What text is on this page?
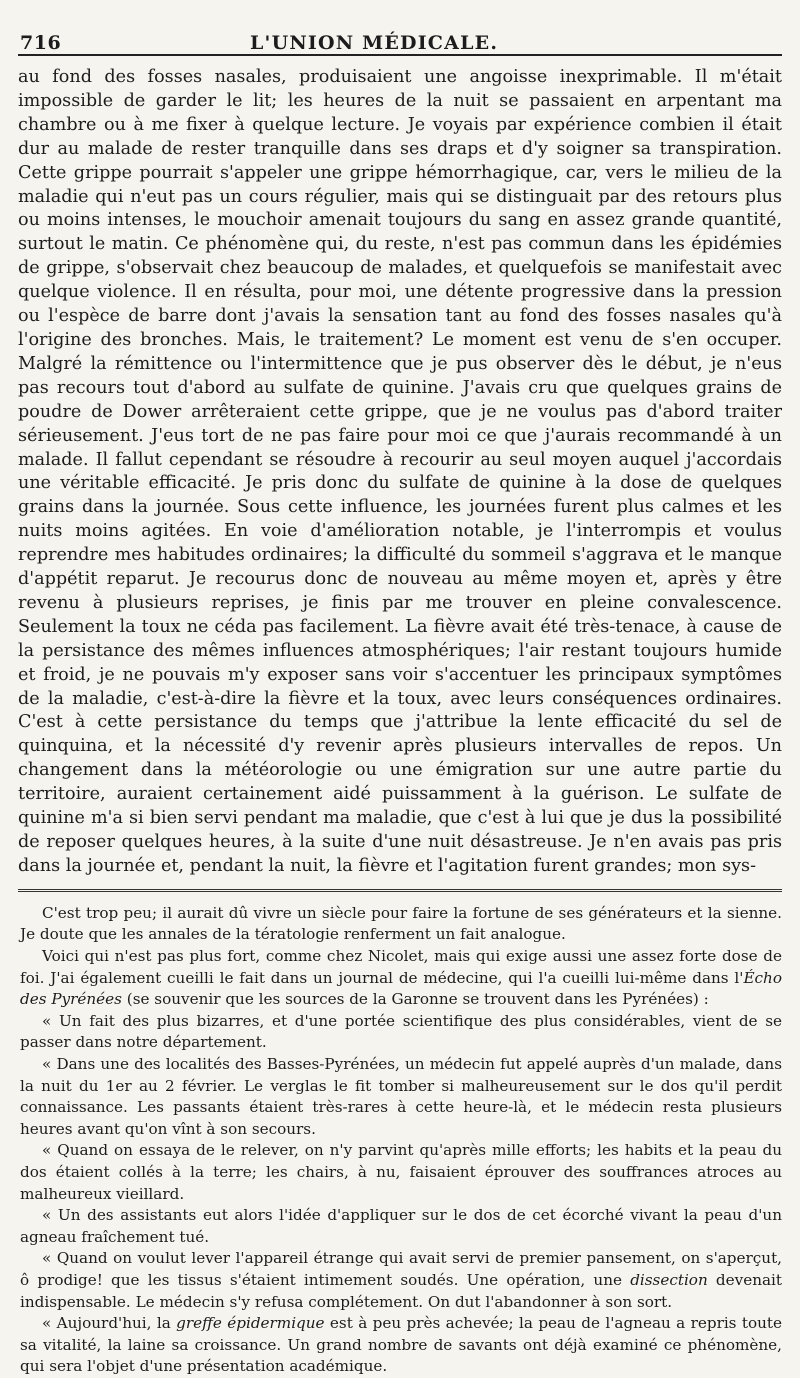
716	L'UNION MÉDICALE.

au fond des fosses nasales, produisaient une angoisse inexprimable. Il m'était impossible de garder le lit; les heures de la nuit se passaient en arpentant ma chambre ou à me fixer à quelque lecture. Je voyais par expérience combien il était dur au malade de rester tranquille dans ses draps et d'y soigner sa transpiration. Cette grippe pourrait s'appeler une grippe hémorrhagique, car, vers le milieu de la maladie qui n'eut pas un cours régulier, mais qui se distinguait par des retours plus ou moins intenses, le mouchoir amenait toujours du sang en assez grande quantité, surtout le matin. Ce phénomène qui, du reste, n'est pas commun dans les épidémies de grippe, s'observait chez beaucoup de malades, et quelquefois se manifestait avec quelque violence. Il en résulta, pour moi, une détente progressive dans la pression ou l'espèce de barre dont j'avais la sensation tant au fond des fosses nasales qu'à l'origine des bronches. Mais, le traitement? Le moment est venu de s'en occuper. Malgré la rémittence ou l'intermittence que je pus observer dès le début, je n'eus pas recours tout d'abord au sulfate de quinine. J'avais cru que quelques grains de poudre de Dower arrêteraient cette grippe, que je ne voulus pas d'abord traiter sérieusement. J'eus tort de ne pas faire pour moi ce que j'aurais recommandé à un malade. Il fallut cependant se résoudre à recourir au seul moyen auquel j'accordais une véritable efficacité. Je pris donc du sulfate de quinine à la dose de quelques grains dans la journée. Sous cette influence, les journées furent plus calmes et les nuits moins agitées. En voie d'amélioration notable, je l'interrompis et voulus reprendre mes habitudes ordinaires; la difficulté du sommeil s'aggrava et le manque d'appétit reparut. Je recourus donc de nouveau au même moyen et, après y être revenu à plusieurs reprises, je finis par me trouver en pleine convalescence. Seulement la toux ne céda pas facilement. La fièvre avait été très-tenace, à cause de la persistance des mêmes influences atmosphériques; l'air restant toujours humide et froid, je ne pouvais m'y exposer sans voir s'accentuer les principaux symptômes de la maladie, c'est-à-dire la fièvre et la toux, avec leurs conséquences ordinaires. C'est à cette persistance du temps que j'attribue la lente efficacité du sel de quinquina, et la nécessité d'y revenir après plusieurs intervalles de repos. Un changement dans la météorologie ou une émigration sur une autre partie du territoire, auraient certainement aidé puissamment à la guérison. Le sulfate de quinine m'a si bien servi pendant ma maladie, que c'est à lui que je dus la possibilité de reposer quelques heures, à la suite d'une nuit désastreuse. Je n'en avais pas pris dans la journée et, pendant la nuit, la fièvre et l'agitation furent grandes; mon sys-

C'est trop peu; il aurait dû vivre un siècle pour faire la fortune de ses générateurs et la sienne. Je doute que les annales de la tératologie renferment un fait analogue.

Voici qui n'est pas plus fort, comme chez Nicolet, mais qui exige aussi une assez forte dose de foi. J'ai également cueilli le fait dans un journal de médecine, qui l'a cueilli lui-même dans l'Écho des Pyrénées (se souvenir que les sources de la Garonne se trouvent dans les Pyrénées) :

« Un fait des plus bizarres, et d'une portée scientifique des plus considérables, vient de se passer dans notre département.

« Dans une des localités des Basses-Pyrénées, un médecin fut appelé auprès d'un malade, dans la nuit du 1er au 2 février. Le verglas le fit tomber si malheureusement sur le dos qu'il perdit connaissance. Les passants étaient très-rares à cette heure-là, et le médecin resta plusieurs heures avant qu'on vînt à son secours.

« Quand on essaya de le relever, on n'y parvint qu'après mille efforts; les habits et la peau du dos étaient collés à la terre; les chairs, à nu, faisaient éprouver des souffrances atroces au malheureux vieillard.

« Un des assistants eut alors l'idée d'appliquer sur le dos de cet écorché vivant la peau d'un agneau fraîchement tué.

« Quand on voulut lever l'appareil étrange qui avait servi de premier pansement, on s'aperçut, ô prodige! que les tissus s'étaient intimement soudés. Une opération, une dissection devenait indispensable. Le médecin s'y refusa complétement. On dut l'abandonner à son sort.

« Aujourd'hui, la greffe épidermique est à peu près achevée; la peau de l'agneau a repris toute sa vitalité, la laine sa croissance. Un grand nombre de savants ont déjà examiné ce phénomène, qui sera l'objet d'une présentation académique.
